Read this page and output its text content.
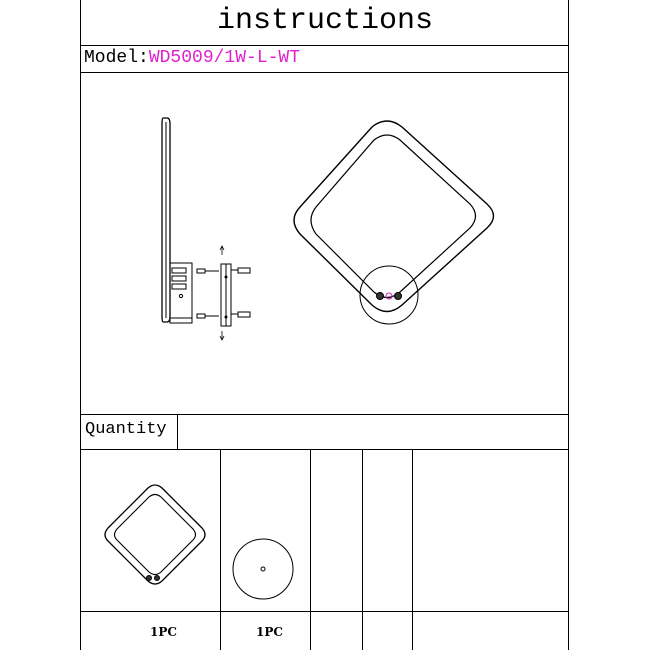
instructions
Model:WD5009/1W-L-WT
Quantity
1PC	1PC
